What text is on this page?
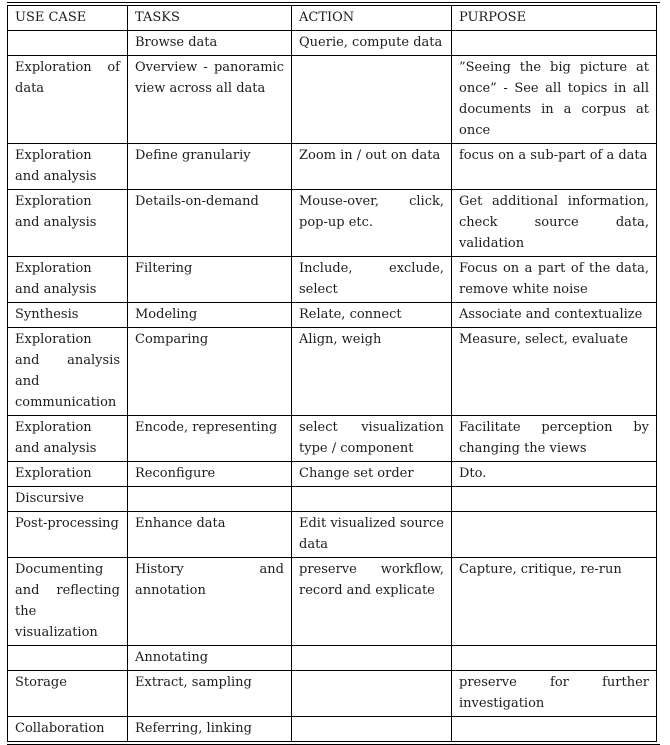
USE CASE	TASKS	ACTION	PURPOSE
	Browse data	Querie, compute data	
Exploration of data	Overview - panoramic view across all data		”Seeing the big picture at once” - See all topics in all documents in a corpus at once
Exploration and analysis	Define granulariy	Zoom in / out on data	focus on a sub-part of a data
Exploration and analysis	Details-on-demand	Mouse-over, click, pop-up etc.	Get additional information, check source data, validation
Exploration and analysis	Filtering	Include, exclude, select	Focus on a part of the data, remove white noise
Synthesis	Modeling	Relate, connect	Associate and contextualize
Exploration and analysis and communication	Comparing	Align, weigh	Measure, select, evaluate
Exploration and analysis	Encode, representing	select visualization type / component	Facilitate perception by changing the views
Exploration	Reconfigure	Change set order	Dto.
Discursive			
Post-processing	Enhance data	Edit visualized source data	
Documenting and reflecting the visualization	History and annotation	preserve workflow, record and explicate	Capture, critique, re-run
	Annotating		
Storage	Extract, sampling		preserve for further investigation
Collaboration	Referring, linking		
